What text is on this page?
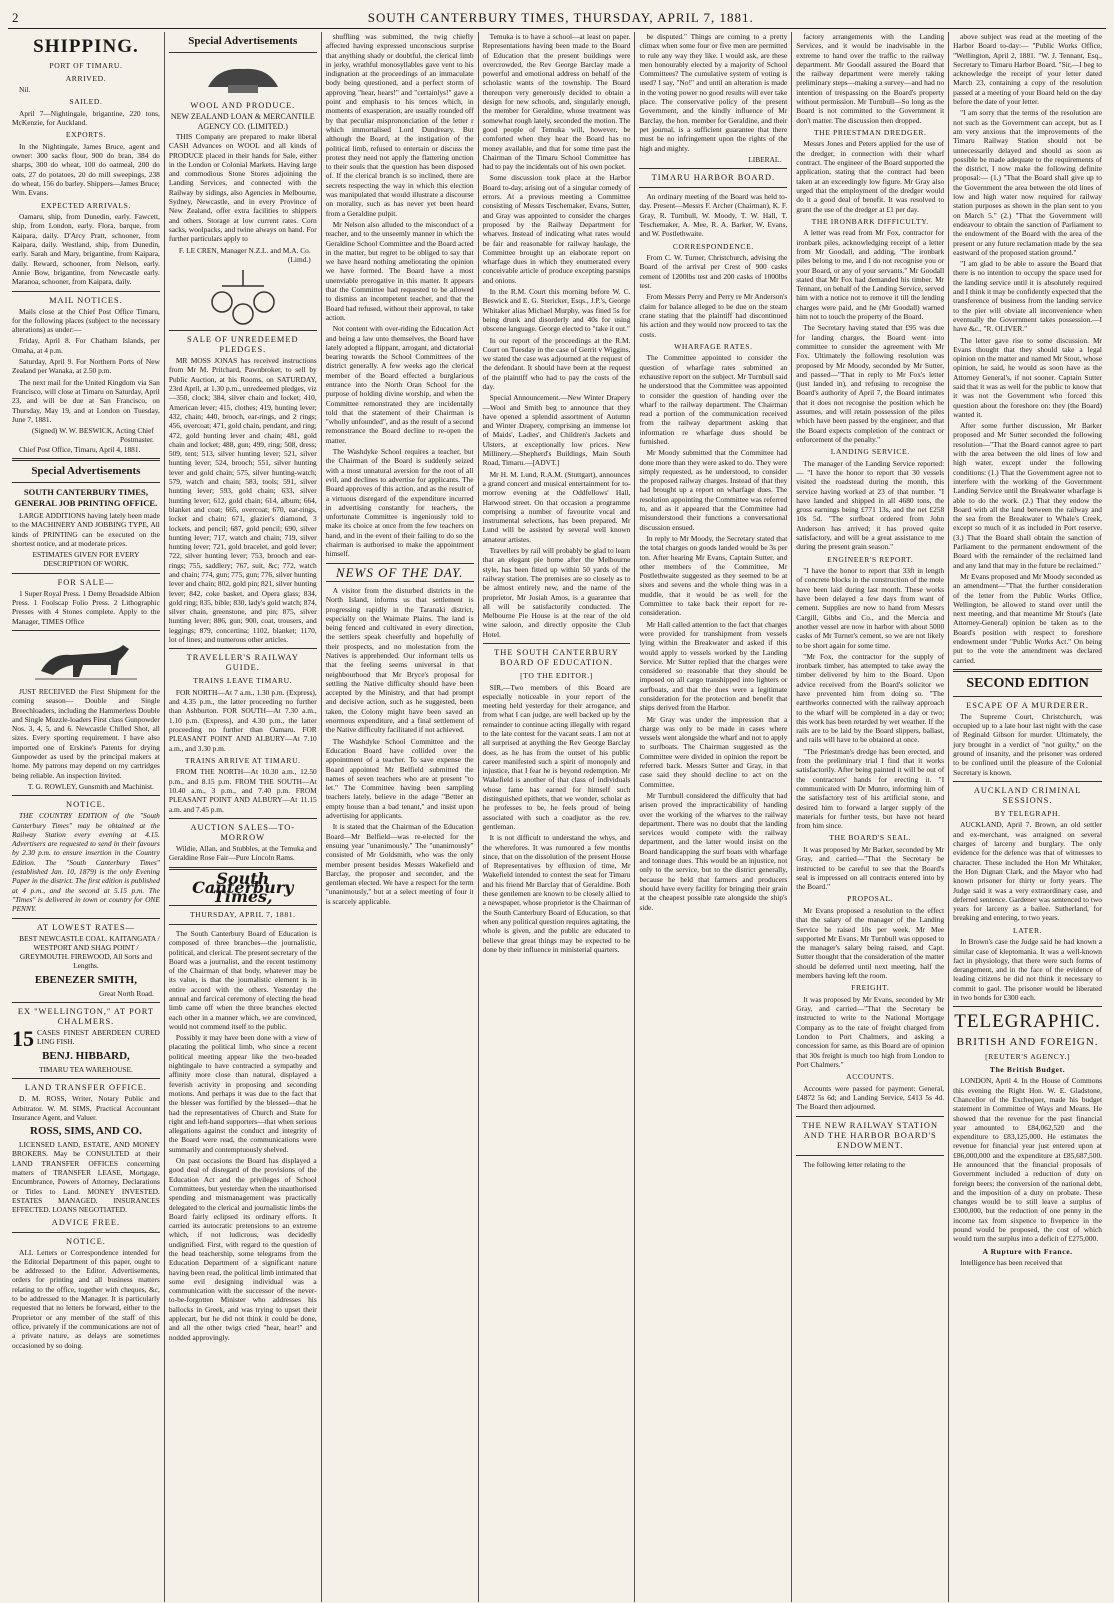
2	SOUTH CANTERBURY TIMES, THURSDAY, APRIL 7, 1881.
SHIPPING.
PORT OF TIMARU.
ARRIVED.

Nil.

SAILED.

April 7—Nightingale, brigantine, 220 tons, McKenzie, for Auckland.

EXPORTS.

In the Nightingale, James Bruce, agent and owner: 300 sacks flour, 900 do bran, 384 do sharps, 300 do wheat, 100 do oatmeal, 200 do oats, 27 do potatoes, 20 do mill sweepings, 238 do wheat, 156 do barley. Shippers—James Bruce; Wm. Evans.

EXPECTED ARRIVALS.

Oamaru, ship, from Dunedin, early. Fawcett, ship, from London, early. Flora, barque, from Kaipara, daily. D'Arcy Pratt, schooner, from Kaipara, daily. Westland, ship, from Dunedin, early. Sarah and Mary, brigantine, from Kaipara, daily. Reward, schooner, from Nelson, early. Annie Bow, brigantine, from Newcastle early. Maranoa, schooner, from Kaipara, daily.

MAIL NOTICES.

Mails close at the Chief Post Office Timaru, for the following places (subject to the necessary alterations) as under:—

Friday, April 8. For Chatham Islands, per Omaha, at 4 p.m.

Saturday, April 9. For Northern Ports of New Zealand per Wanaka, at 2.50 p.m.

The next mail for the United Kingdom via San Francisco, will close at Timaru on Saturday, April 23, and will be due at San Francisco, on Thursday, May 19, and at London on Tuesday, June 7, 1881.

(Signed) W. W. BESWICK, Acting Chief Postmaster.

Chief Post Office, Timaru, April 4, 1881.

Special Advertisements
SOUTH CANTERBURY TIMES, GENERAL JOB PRINTING OFFICE.

LARGE ADDITIONS having lately been made to the MACHINERY AND JOBBING TYPE, All kinds of PRINTING can be executed on the shortest notice, and at moderate prices.

ESTIMATES GIVEN FOR EVERY DESCRIPTION OF WORK.
FOR SALE—

1 Super Royal Press. 1 Demy Broadside Albion Press. 1 Foolscap Folio Press. 2 Lithographic Presses with 4 Stones complete. Apply to the Manager, TIMES Office

JUST RECEIVED the First Shipment for the coming season— Double and Single Breechloaders, including the Hammerless Double and Single Muzzle-loaders First class Gunpowder Nos. 3, 4, 5, and 6. Newcastle Chilled Shot, all sizes. Every sporting requirement. I have also imported one of Erskine's Patents for drying Gunpowder as used by the principal makers at home. My patrons may depend on my cartridges being reliable. An inspection Invited.

T. G. ROWLEY, Gunsmith and Machinist.
NOTICE.

THE COUNTRY EDITION of the "South Canterbury Times" may be obtained at the Railway Station every evening at 4.15. Advertisers are requested to send in their favours by 2.30 p.m. to ensure insertion in the Country Edition. The "South Canterbury Times" (established Jan. 10, 1879) is the only Evening Paper in the district. The first edition is published at 4 p.m., and the second at 5.15 p.m. The "Times" is delivered in town or country for ONE PENNY.

AT LOWEST RATES—

BEST NEWCASTLE COAL. KAITANGATA / WESTPORT AND SHAG POINT / GREYMOUTH. FIREWOOD, All Sorts and Lengths.

EBENEZER SMITH,
Great North Road.
EX "WELLINGTON," AT PORT CHALMERS.
15 CASES FINEST ABERDEEN CURED LING FISH.
BENJ. HIBBARD,
TIMARU TEA WAREHOUSE.
LAND TRANSFER OFFICE.

D. M. ROSS, Writer, Notary Public and Arbitrator. W. M. SIMS, Practical Accountant Insurance Agent, and Valuer.

ROSS, SIMS, AND CO.

LICENSED LAND, ESTATE, AND MONEY BROKERS. May be CONSULTED at their LAND TRANSFER OFFICES concerning matters of TRANSFER LEASE, Mortgage, Encumbrance, Powers of Attorney, Declarations or Titles to Land. MONEY INVESTED. ESTATES MANAGED. INSURANCES EFFECTED. LOANS NEGOTIATED.

ADVICE FREE.
NOTICE.

ALL Letters or Correspondence intended for the Editorial Department of this paper, ought to be addressed to the Editor. Advertisements, orders for printing and all business matters relating to the office, together with cheques, &c, to be addressed to the Manager. It is particularly requested that no letters be forward, either to the Proprietor or any member of the staff of this office, privately if the communications are not of a private nature, as delays are sometimes occasioned by so doing.

Special Advertisements
WOOL AND PRODUCE.
NEW ZEALAND LOAN & MERCANTILE AGENCY CO. (LIMITED.)

THIS Company are prepared to make liberal CASH Advances on WOOL and all kinds of PRODUCE placed in their hands for Sale, either in the London or Colonial Markets. Having large and commodious Stone Stores adjoining the Landing Services, and connected with the Railway by sidings, also Agencies in Melbourne, Sydney, Newcastle, and in every Province of New Zealand, offer extra facilities to shippers and others. Storage at low current rates. Corn sacks, woolpacks, and twine always on hand. For further particulars apply to

F. LE CREN, Manager N.Z.L. and M.A. Co. (Limd.)
SALE OF UNREDEEMED PLEDGES.

MR MOSS JONAS has received instructions from Mr M. Pritchard, Pawnbroker, to sell by Public Auction, at his Rooms, on SATURDAY, 23rd April, at 1.30 p.m., unredeemed pledges, viz—350, clock; 384, silver chain and locket; 410, American lever; 415, clothes; 419, hunting lever; 432, chain; 440, brooch, ear-rings, and 2 rings; 456, overcoat; 471, gold chain, pendant, and ring; 472, gold hunting lever and chain; 481, gold chain and locket; 488, gun; 499, ring; 508, dress; 509, tent; 513, silver hunting lever; 521, silver hunting lever; 524, brooch; 551, silver hunting lever and gold chain; 575, silver hunting-watch; 579, watch and chain; 583, tools; 591, silver hunting lever; 593, gold chain; 633, silver hunting lever; 612, gold chain; 614, album; 664, blanket and coat; 665, overcoat; 670, ear-rings, locket and chain; 671, glazier's diamond, 3 lockets, and pencil; 687, gold pencil; 690, silver hunting lever; 717, watch and chain; 719, silver hunting lever; 721, gold bracelet, and gold lever; 722, silver hunting lever; 753, brooch and ear-rings; 755, saddlery; 767, suit, &c; 772, watch and chain; 774, gun; 775, gun; 776, silver hunting lever and chain; 802, gold pin; 821, silver hunting lever; 842, coke basket, and Opera glass; 834, gold ring; 835, bible; 830, lady's gold watch; 874, silver chain, greenstone, and pin; 875, silver hunting lever; 886, gun; 900, coat, trousers, and leggings; 879, concertina; 1102, blanket; 1170, lot of lines; and numerous other articles.

TRAVELLER'S RAILWAY GUIDE.
TRAINS LEAVE TIMARU.

FOR NORTH—At 7 a.m., 1.30 p.m. (Express), and 4.35 p.m., the latter proceeding no further than Ashburton. FOR SOUTH—At 7.30 a.m., 1.10 p.m. (Express), and 4.30 p.m., the latter proceeding no further than Oamaru. FOR PLEASANT POINT AND ALBURY—At 7.10 a.m., and 3.30 p.m.

TRAINS ARRIVE AT TIMARU.

FROM THE NORTH—At 10.30 a.m., 12.50 p.m., and 8.15 p.m. FROM THE SOUTH—At 10.40 a.m., 3 p.m., and 7.40 p.m. FROM PLEASANT POINT AND ALBURY—At 11.15 a.m. and 7.45 p.m.

AUCTION SALES—TO-MORROW

Wildie, Allan, and Stubbles, at the Temuka and Geraldine Rose Fair—Pure Lincoln Rams.

South Canterbury Times,
THURSDAY, APRIL 7, 1881.

The South Canterbury Board of Education is composed of three branches—the journalistic, political, and clerical. The present secretary of the Board was a journalist, and the recent testimony of the Chairman of that body, whatever may be its value, is that the journalistic element is in entire accord with the others. Yesterday the annual and farcical ceremony of electing the head limb came off when the three branches elected each other in a manner which, we are convinced, would not commend itself to the public.

Possibly it may have been done with a view of placating the political limb, who since a recent political meeting appear like the two-headed nightingale to have contracted a sympathy and affinity more close than natural, displayed a feverish activity in proposing and seconding motions. And perhaps it was due to the fact that the blesser was fortified by the blessed—that he had the representatives of Church and State for right and left-hand supporters—that when serious allegations against the conduct and integrity of the Board were read, the communications were summarily and contemptuously shelved.

On past occasions the Board has displayed a good deal of disregard of the provisions of the Education Act and the privileges of School Committees, but yesterday when the unauthorised spending and mismanagement was practically delegated to the clerical and journalistic limbs the Board fairly eclipsed its ordinary efforts. It carried its autocratic pretensions to an extreme which, if not ludicrous, was decidedly undignified. First, with regard to the question of the head teachership, some telegrams from the Education Department of a significant nature having been read, the political limb intimated that some evil designing individual was a communication with the successor of the never-to-be-forgotten Minister who addresses his ballocks in Greek, and was trying to upset their applecart, but he did not think it could be done, and all the other twigs cried "hear, hear!" and nodded approvingly.

shuffling was submitted, the twig chiefly affected having expressed unconscious surprise that anything shady or doubtful, the clerical limb in jerky, wrathful monosyllables gave vent to his indignation at the proceedings of an immaculate body being questioned, and a perfect storm of approving "hear, hears!" and "certainlys!" gave a point and emphasis to his tences which, in moments of exasperation, are usually rounded off by that peculiar misprononciation of the letter r which immortalised Lord Dundreary. But although the Board, at the instigation of the political limb, refused to entertain or discuss the protest they need not apply the flattering unction to their souls that the question has been disposed of. If the clerical branch is so inclined, there are secrets respecting the way in which this election was manipulated that would illustrate a discourse on morality, such as has never yet been heard from a Geraldine pulpit.

Mr Nelson also alluded to the misconduct of a teacher, and to the unseemly manner in which the Geraldine School Committee and the Board acted in the matter, but regret to be obliged to say that we have heard nothing ameliorating the opinion we have formed. The Board have a most unenviable prerogative in this matter. It appears that the Committee had requested to be allowed to dismiss an incompetent teacher, and that the Board had refused, without their approval, to take action.

Not content with over-riding the Education Act and being a law unto themselves, the Board have lately adopted a flippant, arrogant, and dictatorial bearing towards the School Committees of the district generally. A few weeks ago the clerical member of the Board effected a burglarious entrance into the North Oran School for the purpose of holding divine worship, and when the Committee remonstrated they are incidentally told that the statement of their Chairman is "wholly unfounded", and as the result of a second remonstrance the Board decline to re-open the matter.

The Washdyke School requires a teacher, but the Chairman of the Board is suddenly seized with a most unnatural aversion for the root of all evil, and declines to advertise for applicants. The Board approves of this action, and as the result of a virtuous disregard of the expenditure incurred in advertising constantly for teachers, the unfortunate Committee is ingeniously told to make its choice at once from the few teachers on hand, and in the event of their failing to do so the chairman is authorised to make the appointment himself.

NEWS OF THE DAY.

A visitor from the disturbed districts in the North Island, informs us that settlement is progressing rapidly in the Taranaki district, especially on the Waimate Plains. The land is being fenced and cultivated in every direction, the settlers speak cheerfully and hopefully of their prospects, and no molestation from the Natives is apprehended. Our informant tells us that the feeling seems universal in that neighbourhood that Mr Bryce's proposal for settling the Native difficulty should have been accepted by the Ministry, and that had prompt and decisive action, such as he suggested, been taken, the Colony might have been saved an enormous expenditure, and a final settlement of the Native difficulty facilitated if not achieved.

The Washdyke School Committee and the Education Board have collided over the appointment of a teacher. To save expense the Board appointed Mr Belfield submitted the names of seven teachers who are at present "to let." The Committee having been sampling teachers lately, believe in the adage "Better an empty house than a bad tenant," and insist upon advertising for applicants.

It is stated that the Chairman of the Education Board—Mr Belfield—was re-elected for the ensuing year "unanimously." The "unanimously" consisted of Mr Goldsmith, who was the only member present besides Messrs Wakefield and Barclay, the proposer and seconder, and the gentleman elected. We have a respect for the term "unanimously," but at a select meeting of four it is scarcely applicable.

Temuka is to have a school—at least on paper. Representations having been made to the Board of Education that the present buildings were overcrowded, the Rev George Barclay made a powerful and emotional address on behalf of the scholastic wants of the township. The Board thereupon very generously decided to obtain a design for new schools, and, singularly enough, the member for Geraldine, whose treatment was somewhat rough lately, seconded the motion. The good people of Temuka will, however, be comforted when they hear the Board has no money available, and that for some time past the Chairman of the Timaru School Committee has had to pay the incidentals out of his own pocket.

Some discussion took place at the Harbor Board to-day, arising out of a singular comedy of errors. At a previous meeting a Committee consisting of Messrs Teschemaker, Evans, Sutter, and Gray was appointed to consider the charges proposed by the Railway Department for wharves. Instead of indicating what rates would be fair and reasonable for railway haulage, the Committee brought up an elaborate report on wharfage dues in which they enumerated every conceivable article of produce excepting parsnips and onions.

In the R.M. Court this morning before W. C. Beswick and E. G. Stericker, Esqs., J.P.'s, George Whitaker alias Michael Murphy, was fined 5s for being drunk and disorderly and 40s for using obscene language. George elected to "take it out."

In our report of the proceedings at the R.M. Court on Tuesday in the case of Gerrit v Wiggins, we stated the case was adjourned at the request of the defendant. It should have been at the request of the plaintiff who had to pay the costs of the day.

Special Announcement.—New Winter Drapery—Wool and Smith beg to announce that they have opened a splendid assortment of Autumn and Winter Drapery, comprising an immense lot of Maids', Ladies', and Children's Jackets and Ulsters, at exceptionally low prices. New Millinery.—Shepherd's Buildings, Main South Road, Timaru.—[ADVT.]

Mr H. M. Lund, R.A.M. (Stuttgart), announces a grand concert and musical entertainment for to-morrow evening at the Oddfellows' Hall, Harwood street. On that occasion a programme comprising a number of favourite vocal and instrumental selections, has been prepared. Mr Lund will be assisted by several well known amateur artistes.

Travellers by rail will probably be glad to learn that an elegant pie home after the Melbourne style, has been fitted up within 50 yards of the railway station. The premises are so closely as to be almost entirely new, and the name of the proprietor, Mr Josiah Amos, is a guarantee that all will be satisfactorily conducted. The Melbourne Pie House is at the rear of the old wine saloon, and directly opposite the Club Hotel.

THE SOUTH CANTERBURY BOARD OF EDUCATION.
[TO THE EDITOR.]

SIR,—Two members of this Board are especially noticeable in your report of the meeting held yesterday for their arrogance, and from what I can judge, are well backed up by the remainder to continue acting illegally with regard to the late contest for the vacant seats. I am not at all surprised at anything the Rev George Barclay does, as he has from the outset of his public career manifested such a spirit of monopoly and injustice, that I fear he is beyond redemption. Mr Wakefield is another of that class of individuals whose fame has earned for himself such distinguished epithets, that we wonder, scholar as he professes to be, he feels proud of being associated with such a coadjutor as the rev. gentleman.

It is not difficult to understand the whys, and the wherefores. It was rumoured a few months since, that on the dissolution of the present House of Representatives by effluxion of time, Mr Wakefield intended to contest the seat for Timaru and his friend Mr Barclay that of Geraldine. Both these gentlemen are known to be closely allied to a newspaper, whose proprietor is the Chairman of the South Canterbury Board of Education, so that when any political question requires agitating, the whole is given, and the public are educated to believe that great things may be expected to be done by their influence in ministerial quarters.

be disputed." Things are coming to a pretty climax when some four or five men are permitted to rule any way they like. I would ask, are these men honourably elected by a majority of School Committees? The cumulative system of voting is used? I say, "No!" and until an alteration is made in the voting power no good results will ever take place. The conservative policy of the present Government, and the kindly influence of Mr Barclay, the hon. member for Geraldine, and their pet journal, is a sufficient guarantee that there must be no infringement upon the rights of the high and mighty.

LIBERAL.
TIMARU HARBOR BOARD.

An ordinary meeting of the Board was held to-day. Present—Messrs F. Archer (Chairman), K. F. Gray, R. Turnbull, W. Moody, T. W. Hall, T. Teschemaker, A. Mee, R. A. Barker, W. Evans, and W. Postlethwaite.

CORRESPONDENCE.

From C. W. Turner, Christchurch, advising the Board of the arrival per Crest of 900 casks cement of 1200lbs test and 200 casks of 1000lbs test.

From Messrs Perry and Perry re Mr Anderson's claim for balance alleged to be due on the steam crane stating that the plaintiff had discontinued his action and they would now proceed to tax the costs.

WHARFAGE RATES.

The Committee appointed to consider the question of wharfage rates submitted an exhaustive report on the subject. Mr Turnbull said he understood that the Committee was appointed to consider the question of handing over the wharf to the railway department. The Chairman read a portion of the communication received from the railway department asking that information re wharfage dues should be furnished.

Mr Moody submitted that the Committee had done more than they were asked to do. They were simply requested, as he understood, to consider the proposed railway charges. Instead of that they had brought up a report on wharfage dues. The resolution appointing the Committee was referred to, and as it appeared that the Committee had misunderstood their functions a conversational discussion ensued.

In reply to Mr Moody, the Secretary stated that the total charges on goods landed would be 3s per ton. After hearing Mr Evans, Captain Sutter, and other members of the Committee, Mr Postlethwaite suggested as they seemed to be at sixes and sevens and the whole thing was in a muddle, that it would be as well for the Committee to take back their report for re-consideration.

Mr Hall called attention to the fact that charges were provided for transhipment from vessels lying within the Breakwater and asked if this would apply to vessels worked by the Landing Service. Mr Sutter replied that the charges were considered so reasonable that they should be imposed on all cargo transhipped into lighters or surfboats, and that the dues were a legitimate consideration for the protection and benefit that ships derived from the Harbor.

Mr Gray was under the impression that a charge was only to be made in cases where vessels went alongside the wharf and not to apply to surfboats. The Chairman suggested as the Committee were divided in opinion the report be referred back. Messrs Sutter and Gray, in that case said they should decline to act on the Committee.

Mr Turnbull considered the difficulty that had arisen proved the impracticability of handing over the working of the wharves to the railway department. There was no doubt that the landing services would compete with the railway department, and the latter would insist on the Board handicapping the surf boats with wharfage and tonnage dues. This would be an injustice, not only to the service, but to the district generally, because he held that farmers and producers should have every facility for bringing their grain at the cheapest possible rate alongside the ship's side.

factory arrangements with the Landing Services, and it would be inadvisable in the extreme to hand over the traffic to the railway department. Mr Goodall assured the Board that the railway department were merely taking preliminary steps—making a survey—and had no intention of trespassing on the Board's property without permission. Mr Turnbull—So long as the Board is not committed to the Government it don't matter. The discussion then dropped.

THE PRIESTMAN DREDGER.

Messrs Jones and Peters applied for the use of the dredger, in connection with their wharf contract. The engineer of the Board supported the application, stating that the contract had been taken at an exceedingly low figure. Mr Gray also urged that the employment of the dredger would do it a good deal of benefit. It was resolved to grant the use of the dredger at £1 per day.

THE IRONBARK DIFFICULTY.

A letter was read from Mr Fox, contractor for ironbark piles, acknowledging receipt of a letter from Mr Goodall, and adding, "The ironbark piles belong to me, and I do not recognise you or your Board, or any of your servants." Mr Goodall stated that Mr Fox had demanded his timber. Mr Tennant, on behalf of the Landing Service, served him with a notice not to remove it till the lending charges were paid, and he (Mr Goodall) warned him not to touch the property of the Board.

The Secretary having stated that £95 was due for landing charges, the Board went into committee to consider the agreement with Mr Fox. Ultimately the following resolution was proposed by Mr Moody, seconded by Mr Sutter, and passed—"That in reply to Mr Fox's letter (just landed in), and refusing to recognise the Board's authority of April 7, the Board intimates that it does not recognise the position which he assumes, and will retain possession of the piles which have been passed by the engineer, and that the Board expects completion of the contract or enforcement of the penalty."

LANDING SERVICE.

The manager of the Landing Service reported:— "I have the honor to report that 30 vessels visited the roadstead during the month, this service having worked at 23 of that number. "I have landed and shipped in all 4680 tons, the gross earnings being £771 13s, and the net £258 10s 5d. "The surfboat ordered from John Anderson has arrived; it has proved quite satisfactory, and will be a great assistance to me during the present grain season."

ENGINEER'S REPORT.

"I have the honor to report that 33ft in length of concrete blocks in the construction of the mole have been laid during last month. These works have been delayed a few days from want of cement. Supplies are now to hand from Messrs Cargill, Gibbs and Co., and the Mercia and another vessel are now in harbor with about 5000 casks of Mr Turner's cement, so we are not likely to be short again for some time.

"Mr Fox, the contractor for the supply of ironbark timber, has attempted to take away the timber delivered by him to the Board. Upon advice received from the Board's solicitor we have prevented him from doing so. "The earthworks connected with the railway approach to the wharf will be completed in a day or two; this work has been retarded by wet weather. If the rails are to be laid by the Board slippers, ballast, and rails will have to be obtained at once.

"The Priestman's dredge has been erected, and from the preliminary trial I find that it works satisfactorily. After being painted it will be out of the contractors' hands for erecting it. "I communicated with Dr Munro, informing him of the satisfactory test of his artificial stone, and desired him to forward a larger supply of the materials for further tests, but have not heard from him since.

THE BOARD'S SEAL.

It was proposed by Mr Barker, seconded by Mr Gray, and carried—"That the Secretary be instructed to be careful to see that the Board's seal is impressed on all contracts entered into by the Board."

PROPOSAL.

Mr Evans proposed a resolution to the effect that the salary of the manager of the Landing Service be raised 10s per week. Mr Mee supported Mr Evans. Mr Turnbull was opposed to the manager's salary being raised, and Capt. Sutter thought that the consideration of the matter should be deferred until next meeting, half the members having left the room.

FREIGHT.

It was proposed by Mr Evans, seconded by Mr Gray, and carried—"That the Secretary be instructed to write to the National Mortgage Company as to the rate of freight charged from London to Port Chalmers, and asking a concession for same, as this Board are of opinion that 30s freight is much too high from London to Port Chalmers."

ACCOUNTS.

Accounts were passed for payment: General, £4872 5s 6d; and Landing Service, £413 5s 4d. The Board then adjourned.

THE NEW RAILWAY STATION AND THE HARBOR BOARD'S ENDOWMENT.

The following letter relating to the

above subject was read at the meeting of the Harbor Board to-day:— "Public Works Office, "Wellington, April 2, 1881. "W. J. Tennant, Esq., Secretary to Timaru Harbor Board. "Sir,—I beg to acknowledge the receipt of your letter dated March 23, containing a copy of the resolution passed at a meeting of your Board held on the day before the date of your letter.

"I am sorry that the terms of the resolution are not such as the Government can accept, but as I am very anxious that the improvements of the Timaru Railway Station should not be unnecessarily delayed and should as soon as possible be made adequate to the requirements of the district, I now make the following definite proposal:— (1.) "That the Board shall give up to the Government the area between the old lines of low and high water now required for railway station purposes as shown in the plan sent to you on March 5." (2.) "That the Government will endeavour to obtain the sanction of Parliament to the endowment of the Board with the area of the present or any future reclamation made by the sea eastward of the proposed station ground."

"I am glad to be able to assure the Board that there is no intention to occupy the space used for the landing service until it is absolutely required and I think it may be confidently expected that the transference of business from the landing service to the pier will obviate all inconvenience when eventually the Government takes possession.—I have &c., "R. OLIVER."

The letter gave rise to some discussion. Mr Evans thought that they should take a legal opinion on the matter and named Mr Stout, whose opinion, he said, he would as soon have as the Attorney General's, if not sooner. Captain Sutter said that it was as well for the public to know that it was not the Government who forced this question about the foreshore on: they (the Board) wanted it.

After some further discussion, Mr Barker proposed and Mr Sutter seconded the following resolution—"That the Board cannot agree to part with the area between the old lines of low and high water, except under the following conditions: (1.) That the Government agree not to interfere with the working of the Government Landing Service until the Breakwater wharfage is able to do the work. (2.) That they endow the Board with all the land between the railway and the sea from the Breakwater to Whale's Creek, except so much of it as included in Port reserve. (3.) That the Board shall obtain the sanction of Parliament to the permanent endowment of the Board with the remainder of the reclaimed land and any land that may in the future be reclaimed."

Mr Evans proposed and Mr Moody seconded as an amendment—"That the further consideration of the letter from the Public Works Office, Wellington, be allowed to stand over until the next meeting, and that meantime Mr Stout's (late Attorney-General) opinion be taken as to the Board's position with respect to foreshore endowment under "Public Works Act." On being put to the vote the amendment was declared carried.

SECOND EDITION
ESCAPE OF A MURDERER.

The Supreme Court, Christchurch, was occupied up to a late hour last night with the case of Reginald Gibson for murder. Ultimately, the jury brought in a verdict of "not guilty," on the ground of insanity, and the prisoner was ordered to be confined until the pleasure of the Colonial Secretary is known.

AUCKLAND CRIMINAL SESSIONS.
BY TELEGRAPH.

AUCKLAND, April 7. Brown, an old settler and ex-merchant, was arraigned on several charges of larceny and burglary. The only evidence for the defence was that of witnesses to character. These included the Hon Mr Whitaker, the Hon Dignan Clark, and the Mayor who had known prisoner for thirty or forty years. The Judge said it was a very extraordinary case, and deferred sentence. Gardener was sentenced to two years for larceny as a bailee. Sutherland, for breaking and entering, to two years.

LATER.

In Brown's case the Judge said he had known a similar case of kleptomania. It was a well-known fact in physiology, that there were such forms of derangement, and in the face of the evidence of leading citizens he did not think it necessary to commit to gaol. The prisoner would be liberated in two bonds for £300 each.

TELEGRAPHIC.
BRITISH AND FOREIGN.
[REUTER'S AGENCY.]
The British Budget.

LONDON, April 4. In the House of Commons this evening the Right Hon. W. E. Gladstone, Chancellor of the Exchequer, made his budget statement in Committee of Ways and Means. He showed that the revenue for the past financial year amounted to £84,062,520 and the expenditure to £83,125,000. He estimates the revenue for financial year just entered upon at £86,000,000 and the expenditure at £85,687,500. He announced that the financial proposals of Government included a reduction of duty on foreign beers; the conversion of the national debt, and the imposition of a duty on probate. These changes would be to still leave a surplus of £300,000, but the reduction of one penny in the income tax from sixpence to fivepence in the pound would be proposed, the cost of which would turn the surplus into a deficit of £275,000.

A Rupture with France.

Intelligence has been received that
